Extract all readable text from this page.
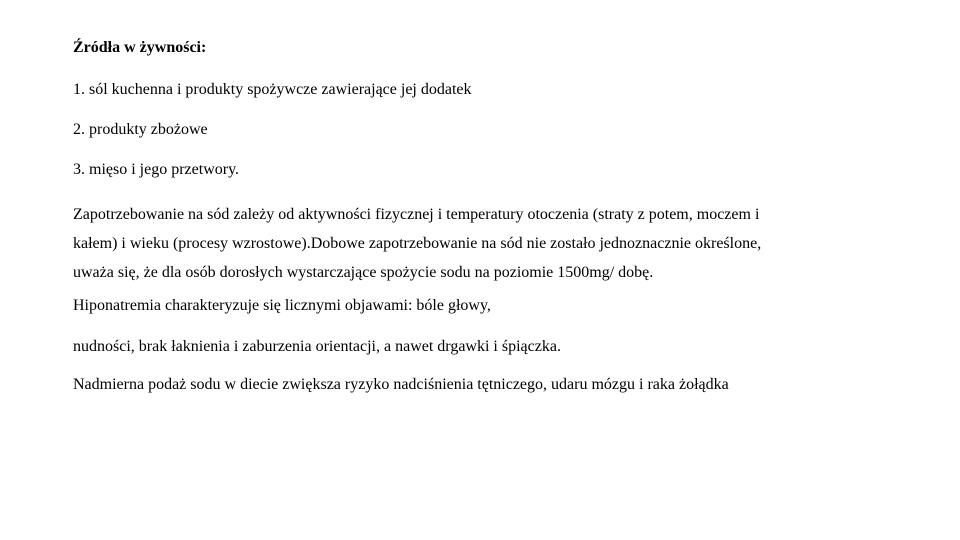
Źródła w żywności:

1. sól kuchenna i produkty spożywcze zawierające jej dodatek

2. produkty zbożowe

3. mięso i jego przetwory.

Zapotrzebowanie na sód zależy od aktywności fizycznej i temperatury otoczenia (straty z potem, moczem i
kałem) i wieku (procesy wzrostowe).Dobowe zapotrzebowanie na sód nie zostało jednoznacznie określone,
uważa się, że dla osób dorosłych wystarczające spożycie sodu na poziomie 1500mg/ dobę.

Hiponatremia charakteryzuje się licznymi objawami: bóle głowy,

nudności, brak łaknienia i zaburzenia orientacji, a nawet drgawki i śpiączka.

Nadmierna podaż sodu w diecie zwiększa ryzyko nadciśnienia tętniczego, udaru mózgu i raka żołądka
